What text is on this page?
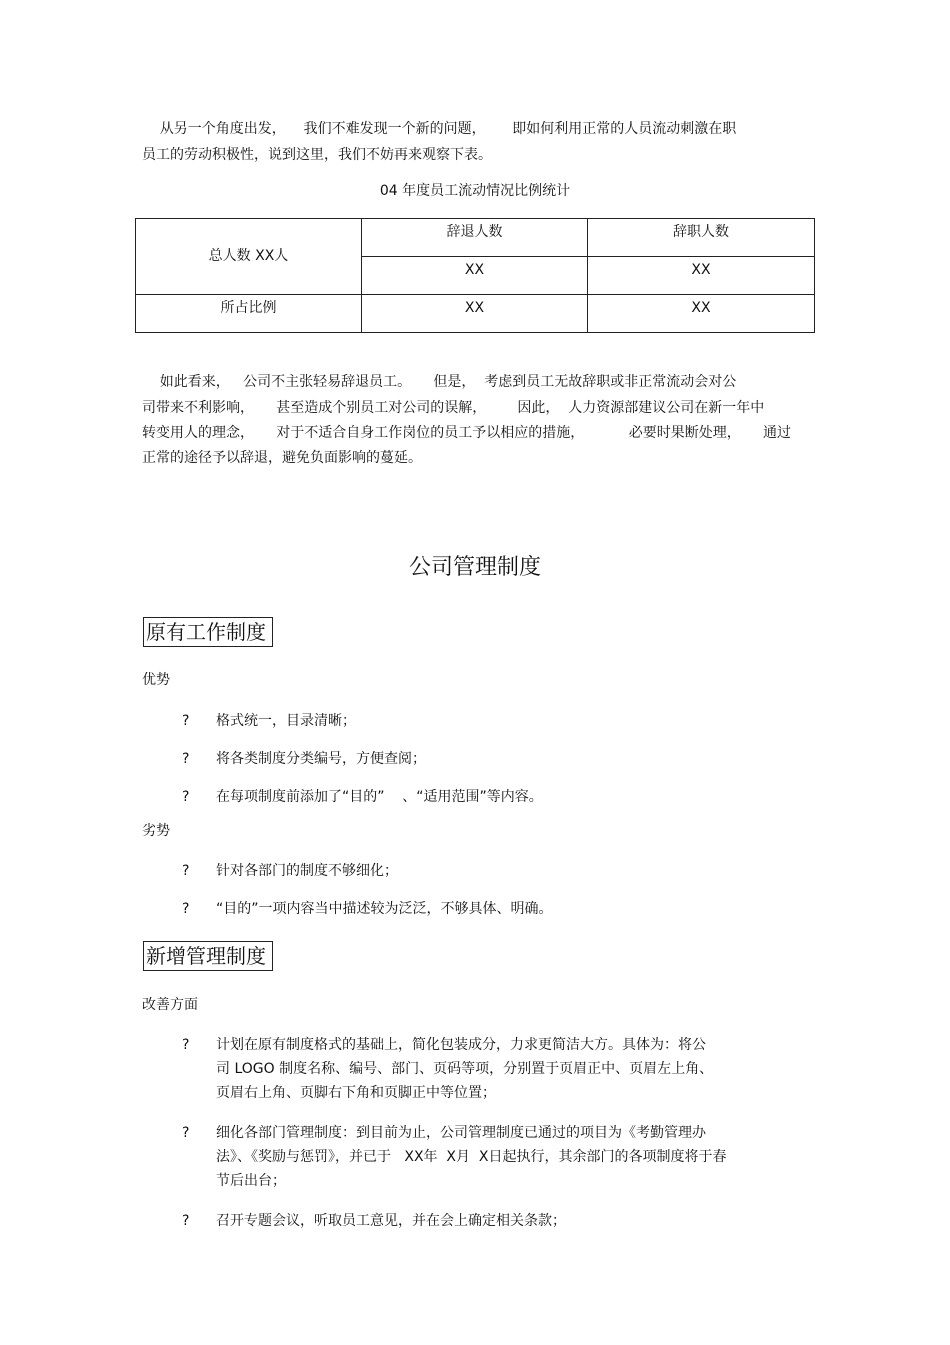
从另一个角度出发，    我们不难发现一个新的问题，      即如何利用正常的人员流动刺激在职
员工的劳动积极性，说到这里，我们不妨再来观察下表。
04 年度员工流动情况比例统计
总人数 XX人	辞退人数	辞职人数
	XX	XX
所占比例	XX	XX
如此看来，   公司不主张轻易辞退员工。     但是，  考虑到员工无故辞职或非正常流动会对公
司带来不利影响，     甚至造成个别员工对公司的误解，       因此，  人力资源部建议公司在新一年中
转变用人的理念，     对于不适合自身工作岗位的员工予以相应的措施，          必要时果断处理，     通过
正常的途径予以辞退，避免负面影响的蔓延。
公司管理制度
原有工作制度
优势
? 格式统一，目录清晰；
? 将各类制度分类编号，方便查阅；
? 在每项制度前添加了“目的”    、“适用范围”等内容。
劣势
? 针对各部门的制度不够细化；
? “目的”一项内容当中描述较为泛泛，不够具体、明确。
新增管理制度
改善方面
? 计划在原有制度格式的基础上，简化包装成分，力求更简洁大方。具体为：将公
司 LOGO 制度名称、编号、部门、页码等项，分别置于页眉正中、页眉左上角、
页眉右上角、页脚右下角和页脚正中等位置；
? 细化各部门管理制度：到目前为止，公司管理制度已通过的项目为《考勤管理办
法》、《奖励与惩罚》，并已于   XX年  X月  X日起执行，其余部门的各项制度将于春
节后出台；
? 召开专题会议，听取员工意见，并在会上确定相关条款；
